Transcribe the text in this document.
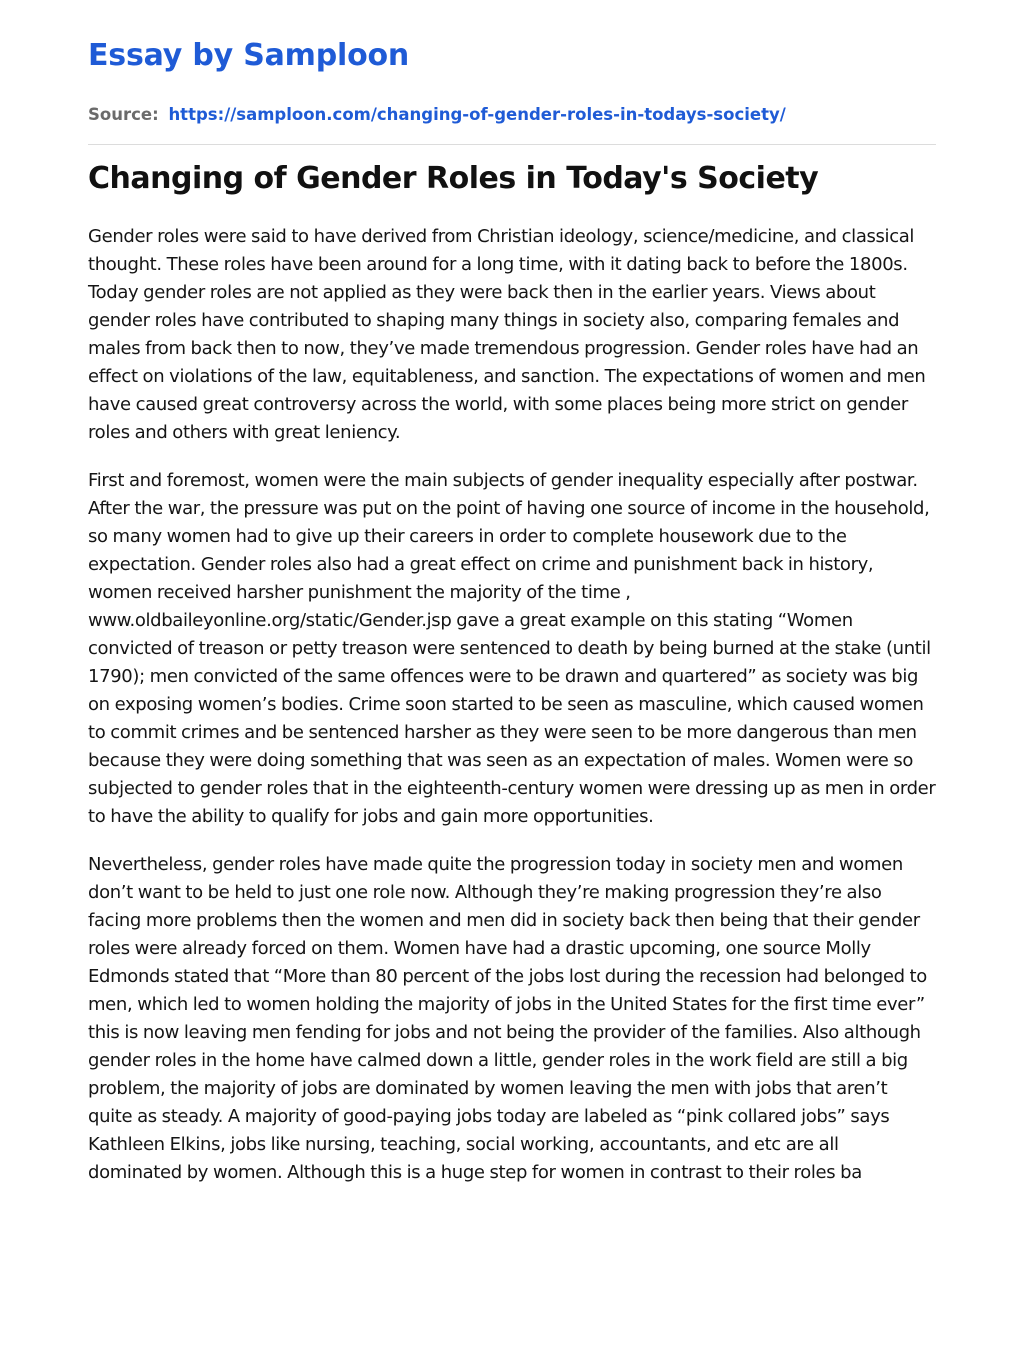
Essay by Samploon
Source: https://samploon.com/changing-of-gender-roles-in-todays-society/
Changing of Gender Roles in Today's Society

Gender roles were said to have derived from Christian ideology, science/medicine, and classical thought. These roles have been around for a long time, with it dating back to before the 1800s. Today gender roles are not applied as they were back then in the earlier years. Views about gender roles have contributed to shaping many things in society also, comparing females and males from back then to now, they’ve made tremendous progression. Gender roles have had an effect on violations of the law, equitableness, and sanction. The expectations of women and men have caused great controversy across the world, with some places being more strict on gender roles and others with great leniency.

First and foremost, women were the main subjects of gender inequality especially after postwar. After the war, the pressure was put on the point of having one source of income in the household, so many women had to give up their careers in order to complete housework due to the expectation. Gender roles also had a great effect on crime and punishment back in history, women received harsher punishment the majority of the time , www.oldbaileyonline.org/static/Gender.jsp gave a great example on this stating “Women convicted of treason or petty treason were sentenced to death by being burned at the stake (until 1790); men convicted of the same offences were to be drawn and quartered” as society was big on exposing women’s bodies. Crime soon started to be seen as masculine, which caused women to commit crimes and be sentenced harsher as they were seen to be more dangerous than men because they were doing something that was seen as an expectation of males. Women were so subjected to gender roles that in the eighteenth-century women were dressing up as men in order to have the ability to qualify for jobs and gain more opportunities.

Nevertheless, gender roles have made quite the progression today in society men and women don’t want to be held to just one role now. Although they’re making progression they’re also facing more problems then the women and men did in society back then being that their gender roles were already forced on them. Women have had a drastic upcoming, one source Molly Edmonds stated that “More than 80 percent of the jobs lost during the recession had belonged to men, which led to women holding the majority of jobs in the United States for the first time ever” this is now leaving men fending for jobs and not being the provider of the families. Also although gender roles in the home have calmed down a little, gender roles in the work field are still a big problem, the majority of jobs are dominated by women leaving the men with jobs that aren’t quite as steady. A majority of good-paying jobs today are labeled as “pink collared jobs” says Kathleen Elkins, jobs like nursing, teaching, social working, accountants, and etc are all dominated by women. Although this is a huge step for women in contrast to their roles ba
